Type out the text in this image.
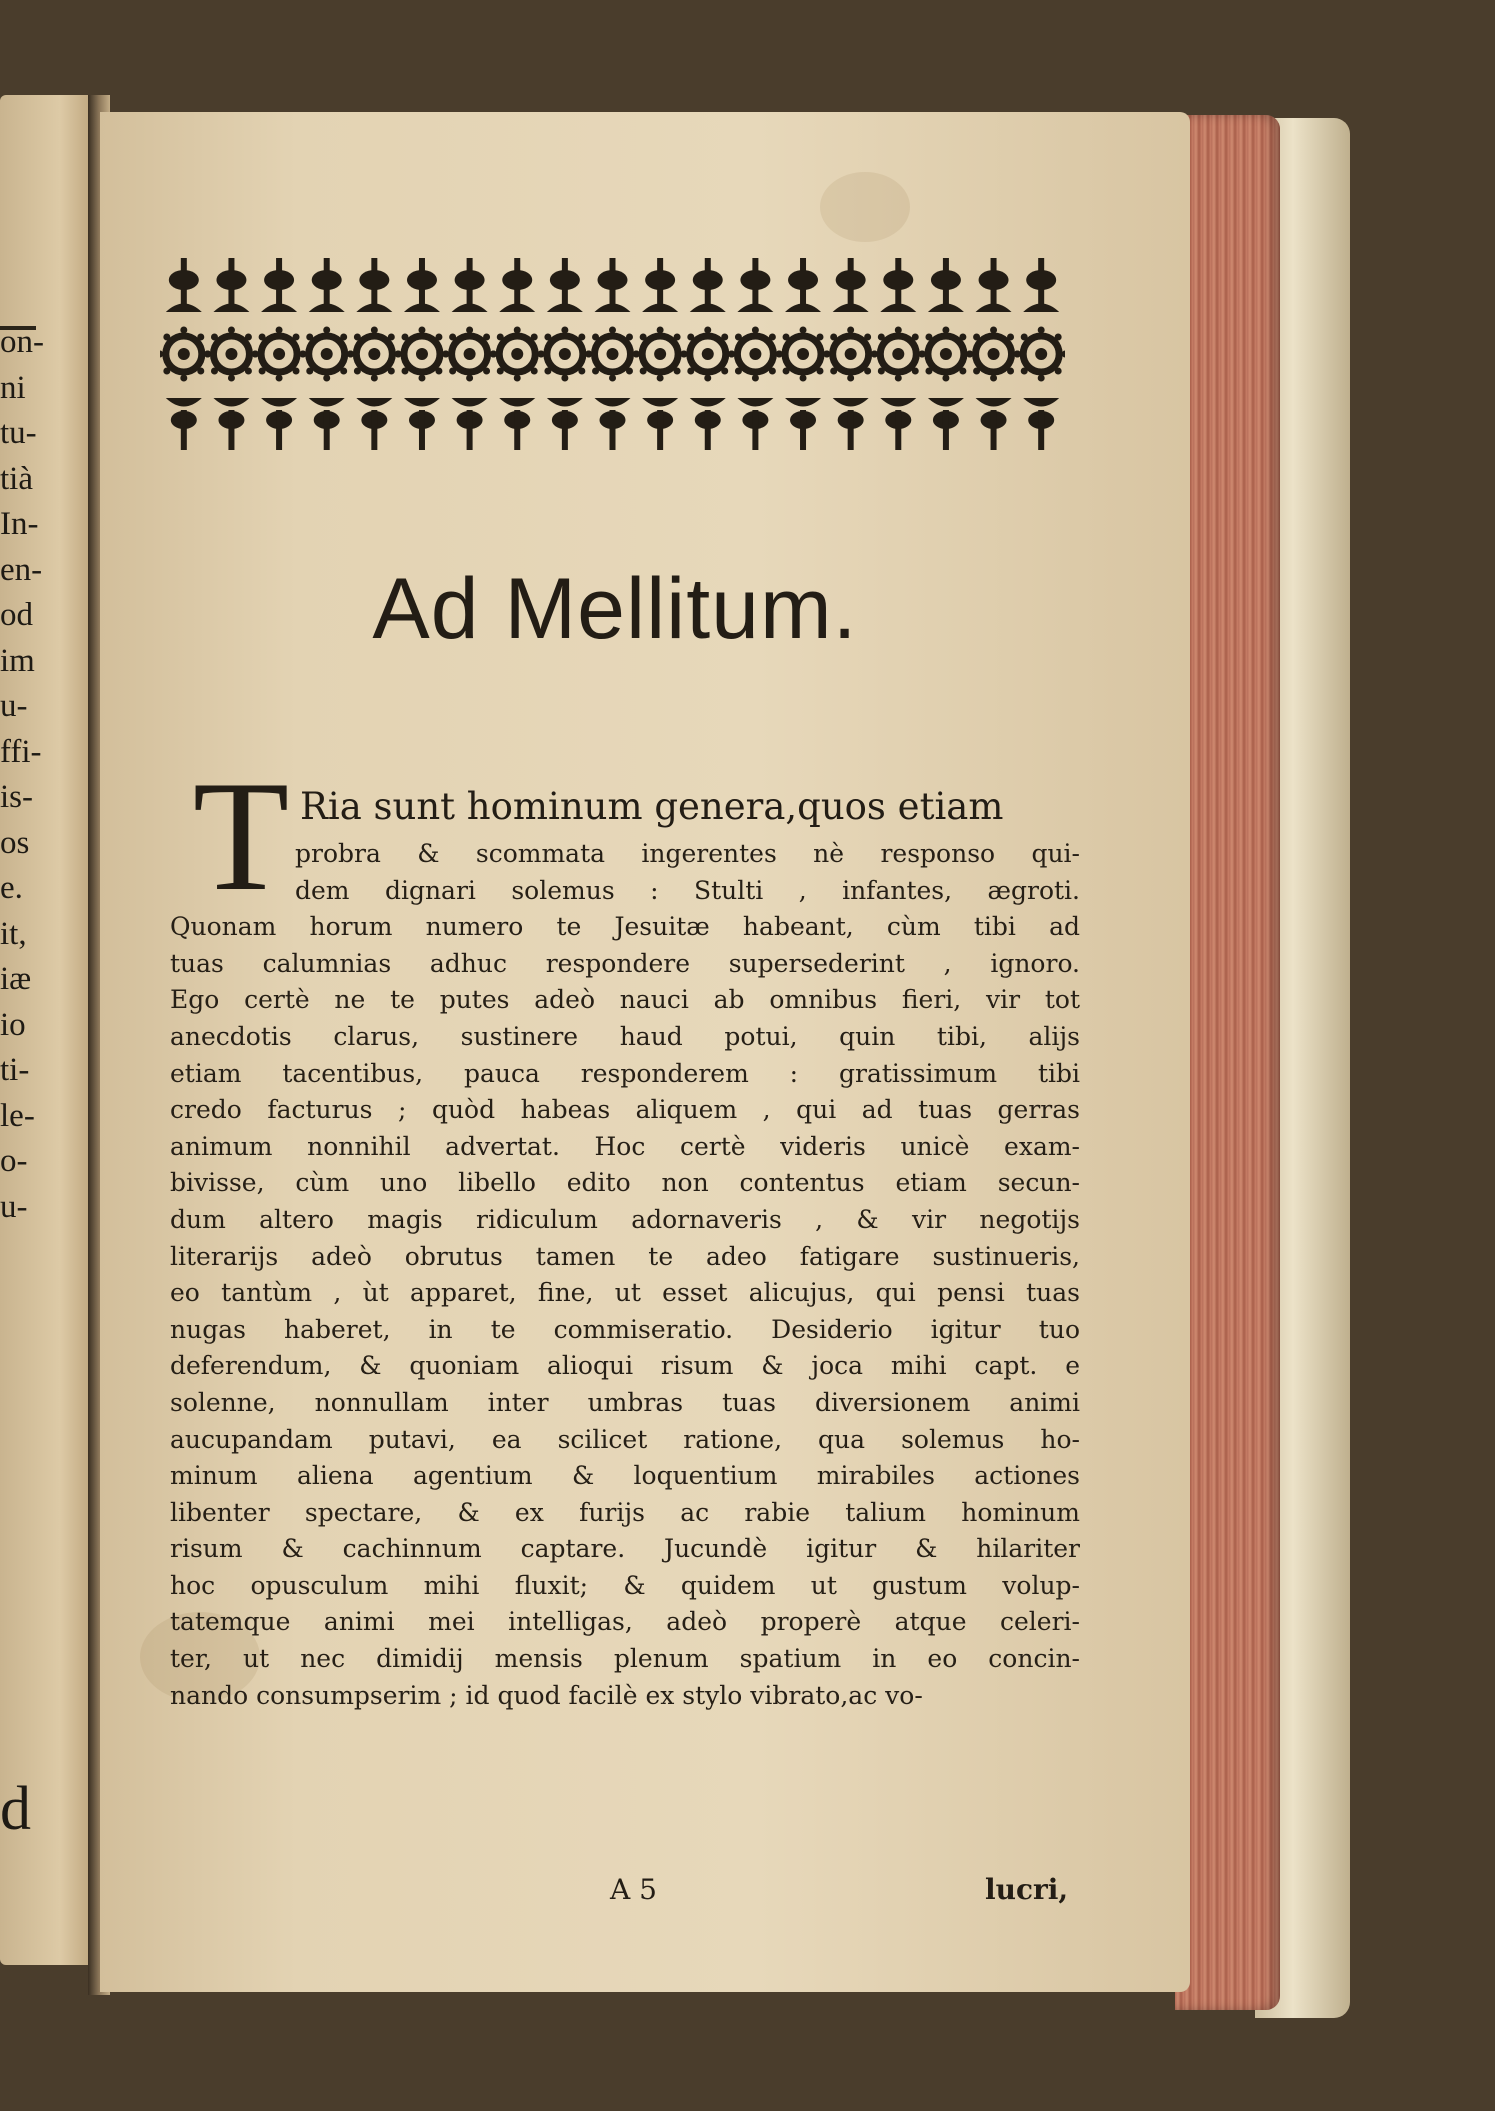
on-
ni
tu-
tià
In-
en-
od
im
u-
ffi-
is-
os
e.
it,
iæ
io
ti-
le-
o-
u-
d
Ad Mellitum.
T Ria sunt hominum genera,quos etiam
probra & scommata ingerentes nè responso qui-
dem dignari solemus : Stulti , infantes, ægroti.
Quonam horum numero te Jesuitæ habeant, cùm tibi ad
tuas calumnias adhuc respondere supersederint , ignoro.
Ego certè ne te putes adeò nauci ab omnibus fieri, vir tot
anecdotis clarus, sustinere haud potui, quin tibi, alijs
etiam tacentibus, pauca responderem : gratissimum tibi
credo facturus ; quòd habeas aliquem , qui ad tuas gerras
animum nonnihil advertat. Hoc certè videris unicè exam-
bivisse, cùm uno libello edito non contentus etiam secun-
dum altero magis ridiculum adornaveris , & vir negotijs
literarijs adeò obrutus tamen te adeo fatigare sustinueris,
eo tantùm , ùt apparet, fine, ut esset alicujus, qui pensi tuas
nugas haberet, in te commiseratio. Desiderio igitur tuo
deferendum, & quoniam alioqui risum & joca mihi capt. e
solenne, nonnullam inter umbras tuas diversionem animi
aucupandam putavi, ea scilicet ratione, qua solemus ho-
minum aliena agentium & loquentium mirabiles actiones
libenter spectare, & ex furijs ac rabie talium hominum
risum & cachinnum captare. Jucundè igitur & hilariter
hoc opusculum mihi fluxit; & quidem ut gustum volup-
tatemque animi mei intelligas, adeò properè atque celeri-
ter, ut nec dimidij mensis plenum spatium in eo concin-
nando consumpserim ; id quod facilè ex stylo vibrato,ac vo-
A 5	lucri,
